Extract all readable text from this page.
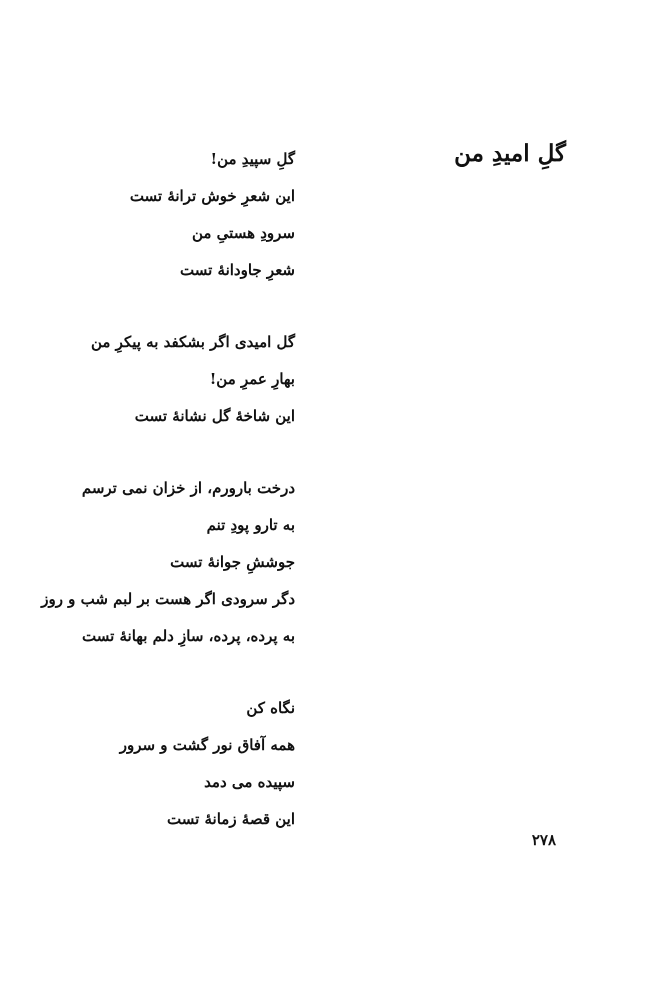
گلِ امیدِ من
گلِ سپیدِ من!
این شعرِ خوش ترانهٔ تست
سرودِ هستیِ من
شعرِ جاودانهٔ تست
گل امیدی اگر بشکفد به پیکرِ من
بهارِ عمرِ من!
این شاخهٔ گل نشانهٔ تست
درخت بارورم، از خزان نمی ترسم
به تارو پودِ تنم
جوششِ جوانهٔ تست
دگر سرودی اگر هست بر لبم شب و روز
به پرده، پرده، سازِ دلم بهانهٔ تست
نگاه کن
همه آفاق نور گشت و سرور
سپیده می دمد
این قصهٔ زمانهٔ تست
۲۷۸
